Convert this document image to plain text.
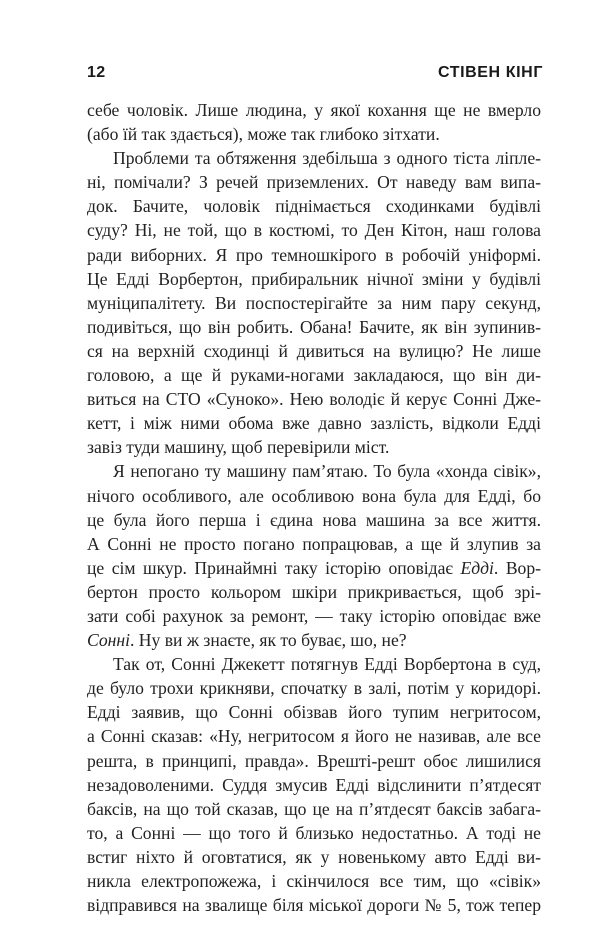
12	СТІВЕН КІНГ
себе чоловік. Лише людина, у якої кохання ще не вмерло
(або їй так здається), може так глибоко зітхати.
Проблеми та обтяження здебільша з одного тіста ліпле-
ні, помічали? З речей приземлених. От наведу вам випа-
док. Бачите, чоловік піднімається сходинками будівлі
суду? Ні, не той, що в костюмі, то Ден Кітон, наш голова
ради виборних. Я про темношкірого в робочій уніформі.
Це Едді Ворбертон, прибиральник нічної зміни у будівлі
муніципалітету. Ви поспостерігайте за ним пару секунд,
подивіться, що він робить. Обана! Бачите, як він зупинив-
ся на верхній сходинці й дивиться на вулицю? Не лише
головою, а ще й руками-ногами закладаюся, що він ди-
виться на СТО «Суноко». Нею володіє й керує Сонні Дже-
кетт, і між ними обома вже давно зазлість, відколи Едді
завіз туди машину, щоб перевірили міст.
Я непогано ту машину пам’ятаю. То була «хонда сівік»,
нічого особливого, але особливою вона була для Едді, бо
це була його перша і єдина нова машина за все життя.
А Сонні не просто погано попрацював, а ще й злупив за
це сім шкур. Принаймні таку історію оповідає Едді. Вор-
бертон просто кольором шкіри прикривається, щоб зрі-
зати собі рахунок за ремонт, — таку історію оповідає вже
Сонні. Ну ви ж знаєте, як то буває, шо, не?
Так от, Сонні Джекетт потягнув Едді Ворбертона в суд,
де було трохи крикняви, спочатку в залі, потім у коридорі.
Едді заявив, що Сонні обізвав його тупим негритосом,
а Сонні сказав: «Ну, негритосом я його не називав, але все
решта, в принципі, правда». Врешті-решт обоє лишилися
незадоволеними. Суддя змусив Едді відслинити п’ятдесят
баксів, на що той сказав, що це на п’ятдесят баксів забага-
то, а Сонні — що того й близько недостатньо. А тоді не
встиг ніхто й оговтатися, як у новенькому авто Едді ви-
никла електропожежа, і скінчилося все тим, що «сівік»
відправився на звалище біля міської дороги № 5, тож тепер
